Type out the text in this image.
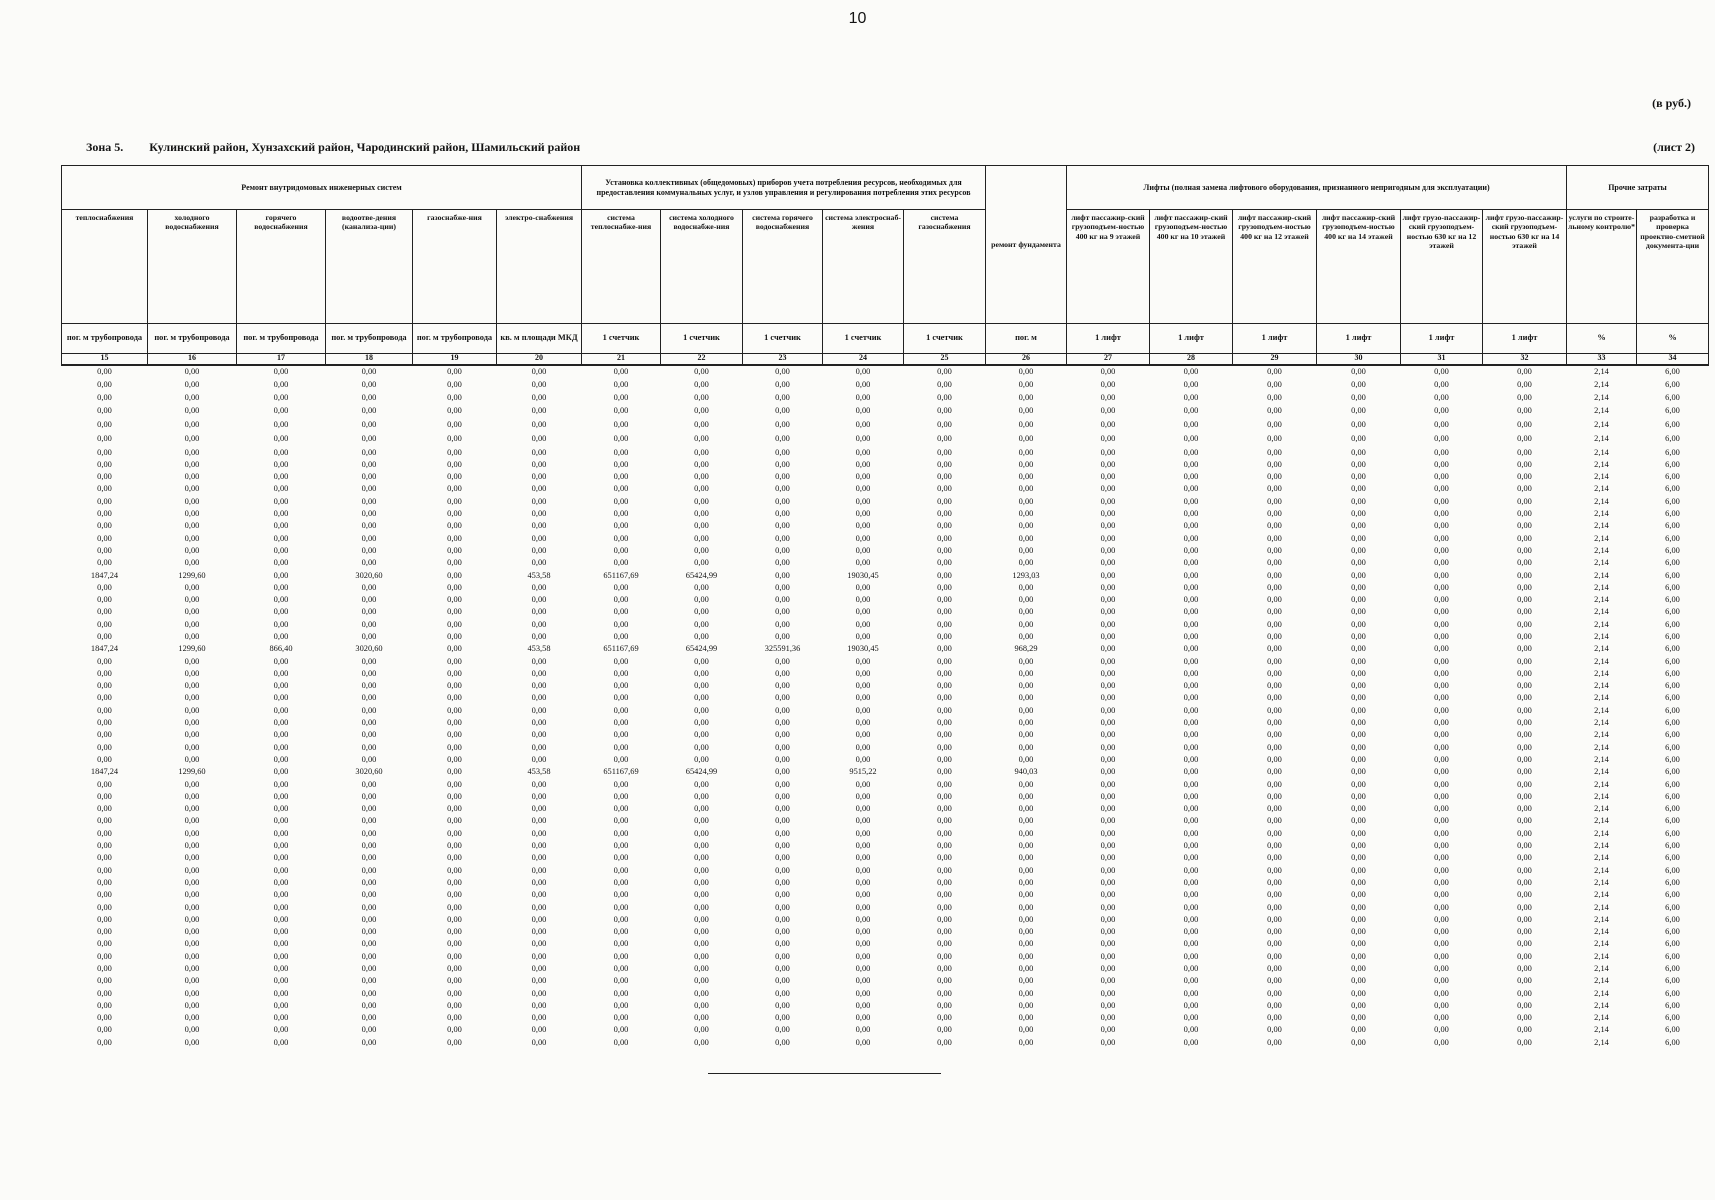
10
(в руб.)
Зона 5. Кулинский район, Хунзахский район, Чародинский район, Шамильский район	(лист 2)
Ремонт внутридомовых инженерных систем						Установка коллективных (общедомовых) приборов учета потребления ресурсов, необходимых для предоставления коммунальных услуг, и узлов управления и регулирования потребления этих ресурсов					ремонт фундамента	Лифты (полная замена лифтового оборудования, признанного непригодным для эксплуатации)						Прочие затраты	
теплоснабжения	холодного водоснабжения	горячего водоснабжения	водоотве-дения (канализа-ции)	газоснабже-ния	электро-снабжения	система теплоснабже-ния	система холодного водоснабже-ния	система горячего водоснабжения	система электроснаб-жения	система газоснабжения		лифт пассажир-ский грузоподъем-ностью 400 кг на 9 этажей	лифт пассажир-ский грузоподъем-ностью 400 кг на 10 этажей	лифт пассажир-ский грузоподъем-ностью 400 кг на 12 этажей	лифт пассажир-ский грузоподъем-ностью 400 кг на 14 этажей	лифт грузо-пассажир-ский грузоподъем-ностью 630 кг на 12 этажей	лифт грузо-пассажир-ский грузоподъем-ностью 630 кг на 14 этажей	услуги по строите-льному контролю*	разработка и проверка проектно-сметной документа-ции
пог. м трубопровода	пог. м трубопровода	пог. м трубопровода	пог. м трубопровода	пог. м трубопровода	кв. м площади МКД	1 счетчик	1 счетчик	1 счетчик	1 счетчик	1 счетчик	пог. м	1 лифт	1 лифт	1 лифт	1 лифт	1 лифт	1 лифт	%	%
15	16	17	18	19	20	21	22	23	24	25	26	27	28	29	30	31	32	33	34
0,00	0,00	0,00	0,00	0,00	0,00	0,00	0,00	0,00	0,00	0,00	0,00	0,00	0,00	0,00	0,00	0,00	0,00	2,14	6,00
0,00	0,00	0,00	0,00	0,00	0,00	0,00	0,00	0,00	0,00	0,00	0,00	0,00	0,00	0,00	0,00	0,00	0,00	2,14	6,00
0,00	0,00	0,00	0,00	0,00	0,00	0,00	0,00	0,00	0,00	0,00	0,00	0,00	0,00	0,00	0,00	0,00	0,00	2,14	6,00
0,00	0,00	0,00	0,00	0,00	0,00	0,00	0,00	0,00	0,00	0,00	0,00	0,00	0,00	0,00	0,00	0,00	0,00	2,14	6,00
0,00	0,00	0,00	0,00	0,00	0,00	0,00	0,00	0,00	0,00	0,00	0,00	0,00	0,00	0,00	0,00	0,00	0,00	2,14	6,00
0,00	0,00	0,00	0,00	0,00	0,00	0,00	0,00	0,00	0,00	0,00	0,00	0,00	0,00	0,00	0,00	0,00	0,00	2,14	6,00
0,00	0,00	0,00	0,00	0,00	0,00	0,00	0,00	0,00	0,00	0,00	0,00	0,00	0,00	0,00	0,00	0,00	0,00	2,14	6,00
0,00	0,00	0,00	0,00	0,00	0,00	0,00	0,00	0,00	0,00	0,00	0,00	0,00	0,00	0,00	0,00	0,00	0,00	2,14	6,00
0,00	0,00	0,00	0,00	0,00	0,00	0,00	0,00	0,00	0,00	0,00	0,00	0,00	0,00	0,00	0,00	0,00	0,00	2,14	6,00
0,00	0,00	0,00	0,00	0,00	0,00	0,00	0,00	0,00	0,00	0,00	0,00	0,00	0,00	0,00	0,00	0,00	0,00	2,14	6,00
0,00	0,00	0,00	0,00	0,00	0,00	0,00	0,00	0,00	0,00	0,00	0,00	0,00	0,00	0,00	0,00	0,00	0,00	2,14	6,00
0,00	0,00	0,00	0,00	0,00	0,00	0,00	0,00	0,00	0,00	0,00	0,00	0,00	0,00	0,00	0,00	0,00	0,00	2,14	6,00
0,00	0,00	0,00	0,00	0,00	0,00	0,00	0,00	0,00	0,00	0,00	0,00	0,00	0,00	0,00	0,00	0,00	0,00	2,14	6,00
0,00	0,00	0,00	0,00	0,00	0,00	0,00	0,00	0,00	0,00	0,00	0,00	0,00	0,00	0,00	0,00	0,00	0,00	2,14	6,00
0,00	0,00	0,00	0,00	0,00	0,00	0,00	0,00	0,00	0,00	0,00	0,00	0,00	0,00	0,00	0,00	0,00	0,00	2,14	6,00
0,00	0,00	0,00	0,00	0,00	0,00	0,00	0,00	0,00	0,00	0,00	0,00	0,00	0,00	0,00	0,00	0,00	0,00	2,14	6,00
1847,24	1299,60	0,00	3020,60	0,00	453,58	651167,69	65424,99	0,00	19030,45	0,00	1293,03	0,00	0,00	0,00	0,00	0,00	0,00	2,14	6,00
0,00	0,00	0,00	0,00	0,00	0,00	0,00	0,00	0,00	0,00	0,00	0,00	0,00	0,00	0,00	0,00	0,00	0,00	2,14	6,00
0,00	0,00	0,00	0,00	0,00	0,00	0,00	0,00	0,00	0,00	0,00	0,00	0,00	0,00	0,00	0,00	0,00	0,00	2,14	6,00
0,00	0,00	0,00	0,00	0,00	0,00	0,00	0,00	0,00	0,00	0,00	0,00	0,00	0,00	0,00	0,00	0,00	0,00	2,14	6,00
0,00	0,00	0,00	0,00	0,00	0,00	0,00	0,00	0,00	0,00	0,00	0,00	0,00	0,00	0,00	0,00	0,00	0,00	2,14	6,00
0,00	0,00	0,00	0,00	0,00	0,00	0,00	0,00	0,00	0,00	0,00	0,00	0,00	0,00	0,00	0,00	0,00	0,00	2,14	6,00
1847,24	1299,60	866,40	3020,60	0,00	453,58	651167,69	65424,99	325591,36	19030,45	0,00	968,29	0,00	0,00	0,00	0,00	0,00	0,00	2,14	6,00
0,00	0,00	0,00	0,00	0,00	0,00	0,00	0,00	0,00	0,00	0,00	0,00	0,00	0,00	0,00	0,00	0,00	0,00	2,14	6,00
0,00	0,00	0,00	0,00	0,00	0,00	0,00	0,00	0,00	0,00	0,00	0,00	0,00	0,00	0,00	0,00	0,00	0,00	2,14	6,00
0,00	0,00	0,00	0,00	0,00	0,00	0,00	0,00	0,00	0,00	0,00	0,00	0,00	0,00	0,00	0,00	0,00	0,00	2,14	6,00
0,00	0,00	0,00	0,00	0,00	0,00	0,00	0,00	0,00	0,00	0,00	0,00	0,00	0,00	0,00	0,00	0,00	0,00	2,14	6,00
0,00	0,00	0,00	0,00	0,00	0,00	0,00	0,00	0,00	0,00	0,00	0,00	0,00	0,00	0,00	0,00	0,00	0,00	2,14	6,00
0,00	0,00	0,00	0,00	0,00	0,00	0,00	0,00	0,00	0,00	0,00	0,00	0,00	0,00	0,00	0,00	0,00	0,00	2,14	6,00
0,00	0,00	0,00	0,00	0,00	0,00	0,00	0,00	0,00	0,00	0,00	0,00	0,00	0,00	0,00	0,00	0,00	0,00	2,14	6,00
0,00	0,00	0,00	0,00	0,00	0,00	0,00	0,00	0,00	0,00	0,00	0,00	0,00	0,00	0,00	0,00	0,00	0,00	2,14	6,00
0,00	0,00	0,00	0,00	0,00	0,00	0,00	0,00	0,00	0,00	0,00	0,00	0,00	0,00	0,00	0,00	0,00	0,00	2,14	6,00
1847,24	1299,60	0,00	3020,60	0,00	453,58	651167,69	65424,99	0,00	9515,22	0,00	940,03	0,00	0,00	0,00	0,00	0,00	0,00	2,14	6,00
0,00	0,00	0,00	0,00	0,00	0,00	0,00	0,00	0,00	0,00	0,00	0,00	0,00	0,00	0,00	0,00	0,00	0,00	2,14	6,00
0,00	0,00	0,00	0,00	0,00	0,00	0,00	0,00	0,00	0,00	0,00	0,00	0,00	0,00	0,00	0,00	0,00	0,00	2,14	6,00
0,00	0,00	0,00	0,00	0,00	0,00	0,00	0,00	0,00	0,00	0,00	0,00	0,00	0,00	0,00	0,00	0,00	0,00	2,14	6,00
0,00	0,00	0,00	0,00	0,00	0,00	0,00	0,00	0,00	0,00	0,00	0,00	0,00	0,00	0,00	0,00	0,00	0,00	2,14	6,00
0,00	0,00	0,00	0,00	0,00	0,00	0,00	0,00	0,00	0,00	0,00	0,00	0,00	0,00	0,00	0,00	0,00	0,00	2,14	6,00
0,00	0,00	0,00	0,00	0,00	0,00	0,00	0,00	0,00	0,00	0,00	0,00	0,00	0,00	0,00	0,00	0,00	0,00	2,14	6,00
0,00	0,00	0,00	0,00	0,00	0,00	0,00	0,00	0,00	0,00	0,00	0,00	0,00	0,00	0,00	0,00	0,00	0,00	2,14	6,00
0,00	0,00	0,00	0,00	0,00	0,00	0,00	0,00	0,00	0,00	0,00	0,00	0,00	0,00	0,00	0,00	0,00	0,00	2,14	6,00
0,00	0,00	0,00	0,00	0,00	0,00	0,00	0,00	0,00	0,00	0,00	0,00	0,00	0,00	0,00	0,00	0,00	0,00	2,14	6,00
0,00	0,00	0,00	0,00	0,00	0,00	0,00	0,00	0,00	0,00	0,00	0,00	0,00	0,00	0,00	0,00	0,00	0,00	2,14	6,00
0,00	0,00	0,00	0,00	0,00	0,00	0,00	0,00	0,00	0,00	0,00	0,00	0,00	0,00	0,00	0,00	0,00	0,00	2,14	6,00
0,00	0,00	0,00	0,00	0,00	0,00	0,00	0,00	0,00	0,00	0,00	0,00	0,00	0,00	0,00	0,00	0,00	0,00	2,14	6,00
0,00	0,00	0,00	0,00	0,00	0,00	0,00	0,00	0,00	0,00	0,00	0,00	0,00	0,00	0,00	0,00	0,00	0,00	2,14	6,00
0,00	0,00	0,00	0,00	0,00	0,00	0,00	0,00	0,00	0,00	0,00	0,00	0,00	0,00	0,00	0,00	0,00	0,00	2,14	6,00
0,00	0,00	0,00	0,00	0,00	0,00	0,00	0,00	0,00	0,00	0,00	0,00	0,00	0,00	0,00	0,00	0,00	0,00	2,14	6,00
0,00	0,00	0,00	0,00	0,00	0,00	0,00	0,00	0,00	0,00	0,00	0,00	0,00	0,00	0,00	0,00	0,00	0,00	2,14	6,00
0,00	0,00	0,00	0,00	0,00	0,00	0,00	0,00	0,00	0,00	0,00	0,00	0,00	0,00	0,00	0,00	0,00	0,00	2,14	6,00
0,00	0,00	0,00	0,00	0,00	0,00	0,00	0,00	0,00	0,00	0,00	0,00	0,00	0,00	0,00	0,00	0,00	0,00	2,14	6,00
0,00	0,00	0,00	0,00	0,00	0,00	0,00	0,00	0,00	0,00	0,00	0,00	0,00	0,00	0,00	0,00	0,00	0,00	2,14	6,00
0,00	0,00	0,00	0,00	0,00	0,00	0,00	0,00	0,00	0,00	0,00	0,00	0,00	0,00	0,00	0,00	0,00	0,00	2,14	6,00
0,00	0,00	0,00	0,00	0,00	0,00	0,00	0,00	0,00	0,00	0,00	0,00	0,00	0,00	0,00	0,00	0,00	0,00	2,14	6,00
0,00	0,00	0,00	0,00	0,00	0,00	0,00	0,00	0,00	0,00	0,00	0,00	0,00	0,00	0,00	0,00	0,00	0,00	2,14	6,00
